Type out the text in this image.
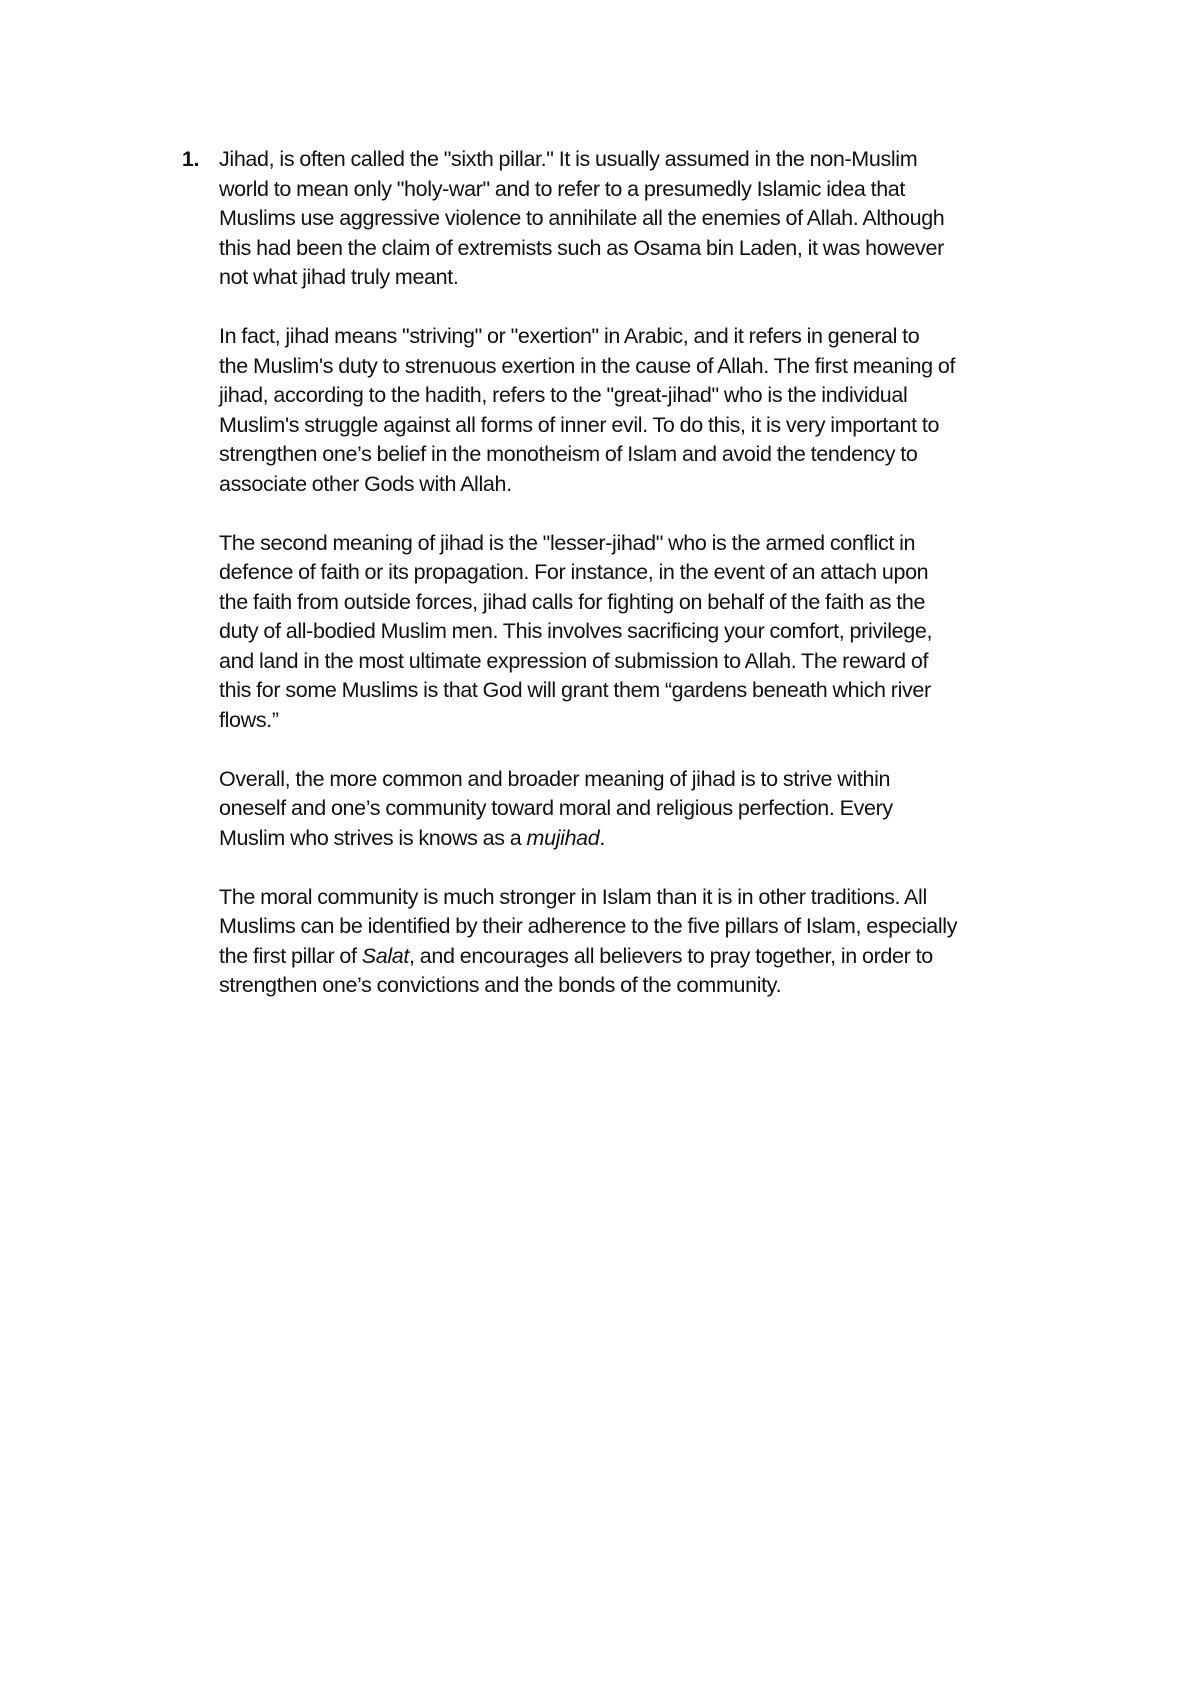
1. Jihad, is often called the "sixth pillar." It is usually assumed in the non-Muslim
world to mean only "holy-war" and to refer to a presumedly Islamic idea that
Muslims use aggressive violence to annihilate all the enemies of Allah. Although
this had been the claim of extremists such as Osama bin Laden, it was however
not what jihad truly meant.

In fact, jihad means "striving" or "exertion" in Arabic, and it refers in general to
the Muslim's duty to strenuous exertion in the cause of Allah. The first meaning of
jihad, according to the hadith, refers to the "great-jihad" who is the individual
Muslim's struggle against all forms of inner evil. To do this, it is very important to
strengthen one’s belief in the monotheism of Islam and avoid the tendency to
associate other Gods with Allah.

The second meaning of jihad is the "lesser-jihad" who is the armed conflict in
defence of faith or its propagation. For instance, in the event of an attach upon
the faith from outside forces, jihad calls for fighting on behalf of the faith as the
duty of all-bodied Muslim men. This involves sacrificing your comfort, privilege,
and land in the most ultimate expression of submission to Allah. The reward of
this for some Muslims is that God will grant them “gardens beneath which river
flows.”

Overall, the more common and broader meaning of jihad is to strive within
oneself and one’s community toward moral and religious perfection. Every
Muslim who strives is knows as a mujihad.

The moral community is much stronger in Islam than it is in other traditions. All
Muslims can be identified by their adherence to the five pillars of Islam, especially
the first pillar of Salat, and encourages all believers to pray together, in order to
strengthen one’s convictions and the bonds of the community.
